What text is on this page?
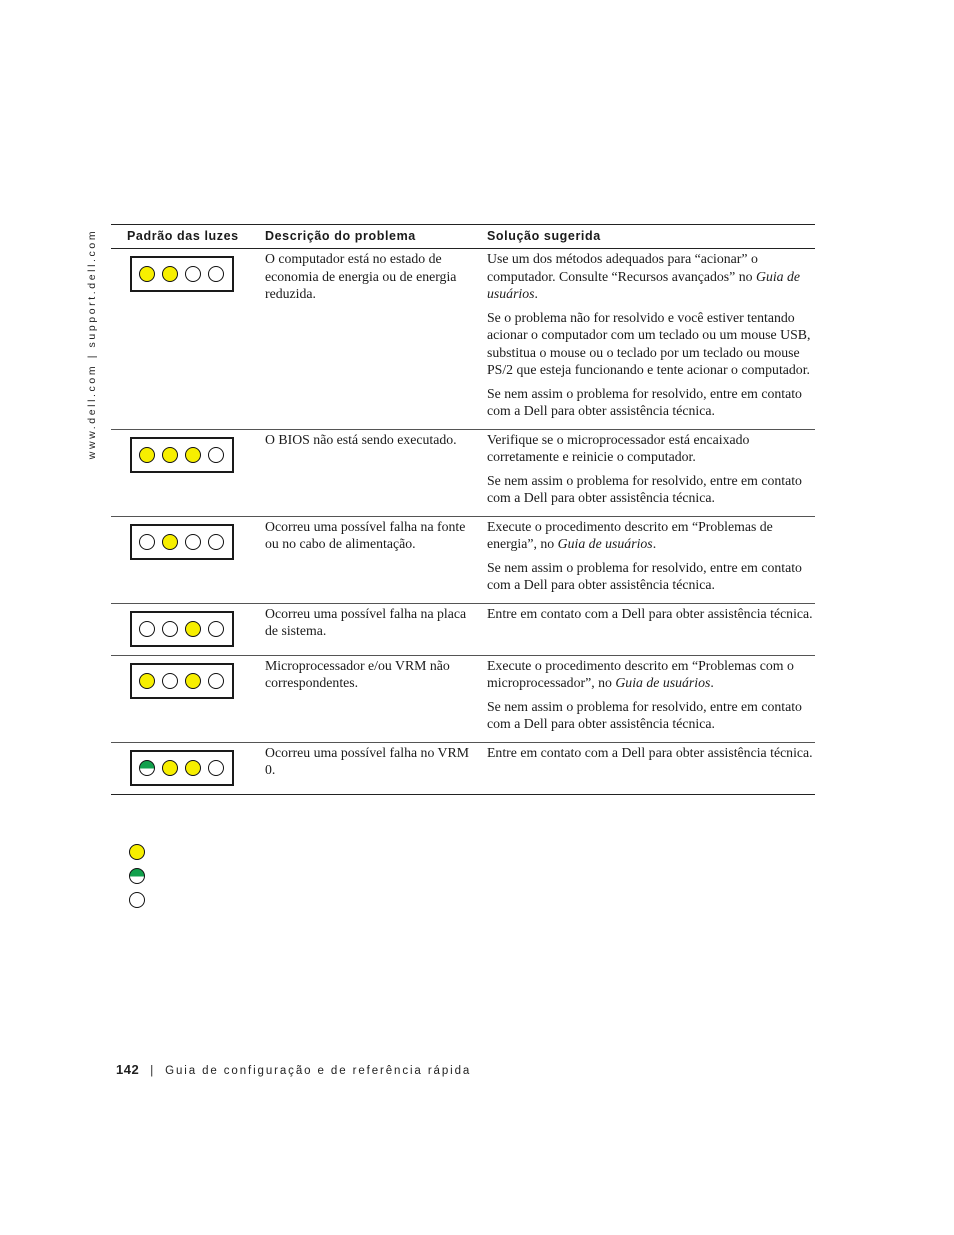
www.dell.com | support.dell.com Padrão das luzes	Descrição do problema	Solução sugerida

	O computador está no estado de economia de energia ou de energia reduzida.	Use um dos métodos adequados para “acionar” o computador. Consulte “Recursos avançados” no Guia de usuários.

Se o problema não for resolvido e você estiver tentando acionar o computador com um teclado ou um mouse USB, substitua o mouse ou o teclado por um teclado ou mouse PS/2 que esteja funcionando e tente acionar o computador.

Se nem assim o problema for resolvido, entre em contato com a Dell para obter assistência técnica.

	O BIOS não está sendo executado.	Verifique se o microprocessador está encaixado corretamente e reinicie o computador.

Se nem assim o problema for resolvido, entre em contato com a Dell para obter assistência técnica.

	Ocorreu uma possível falha na fonte ou no cabo de alimentação.	Execute o procedimento descrito em “Problemas de energia”, no Guia de usuários.

Se nem assim o problema for resolvido, entre em contato com a Dell para obter assistência técnica.

	Ocorreu uma possível falha na placa de sistema.	Entre em contato com a Dell para obter assistência técnica.

	Microprocessador e/ou VRM não correspondentes.	Execute o procedimento descrito em “Problemas com o microprocessador”, no Guia de usuários.

Se nem assim o problema for resolvido, entre em contato com a Dell para obter assistência técnica.

	Ocorreu uma possível falha no VRM 0.	Entre em contato com a Dell para obter assistência técnica.

142 | Guia de configuração e de referência rápida
